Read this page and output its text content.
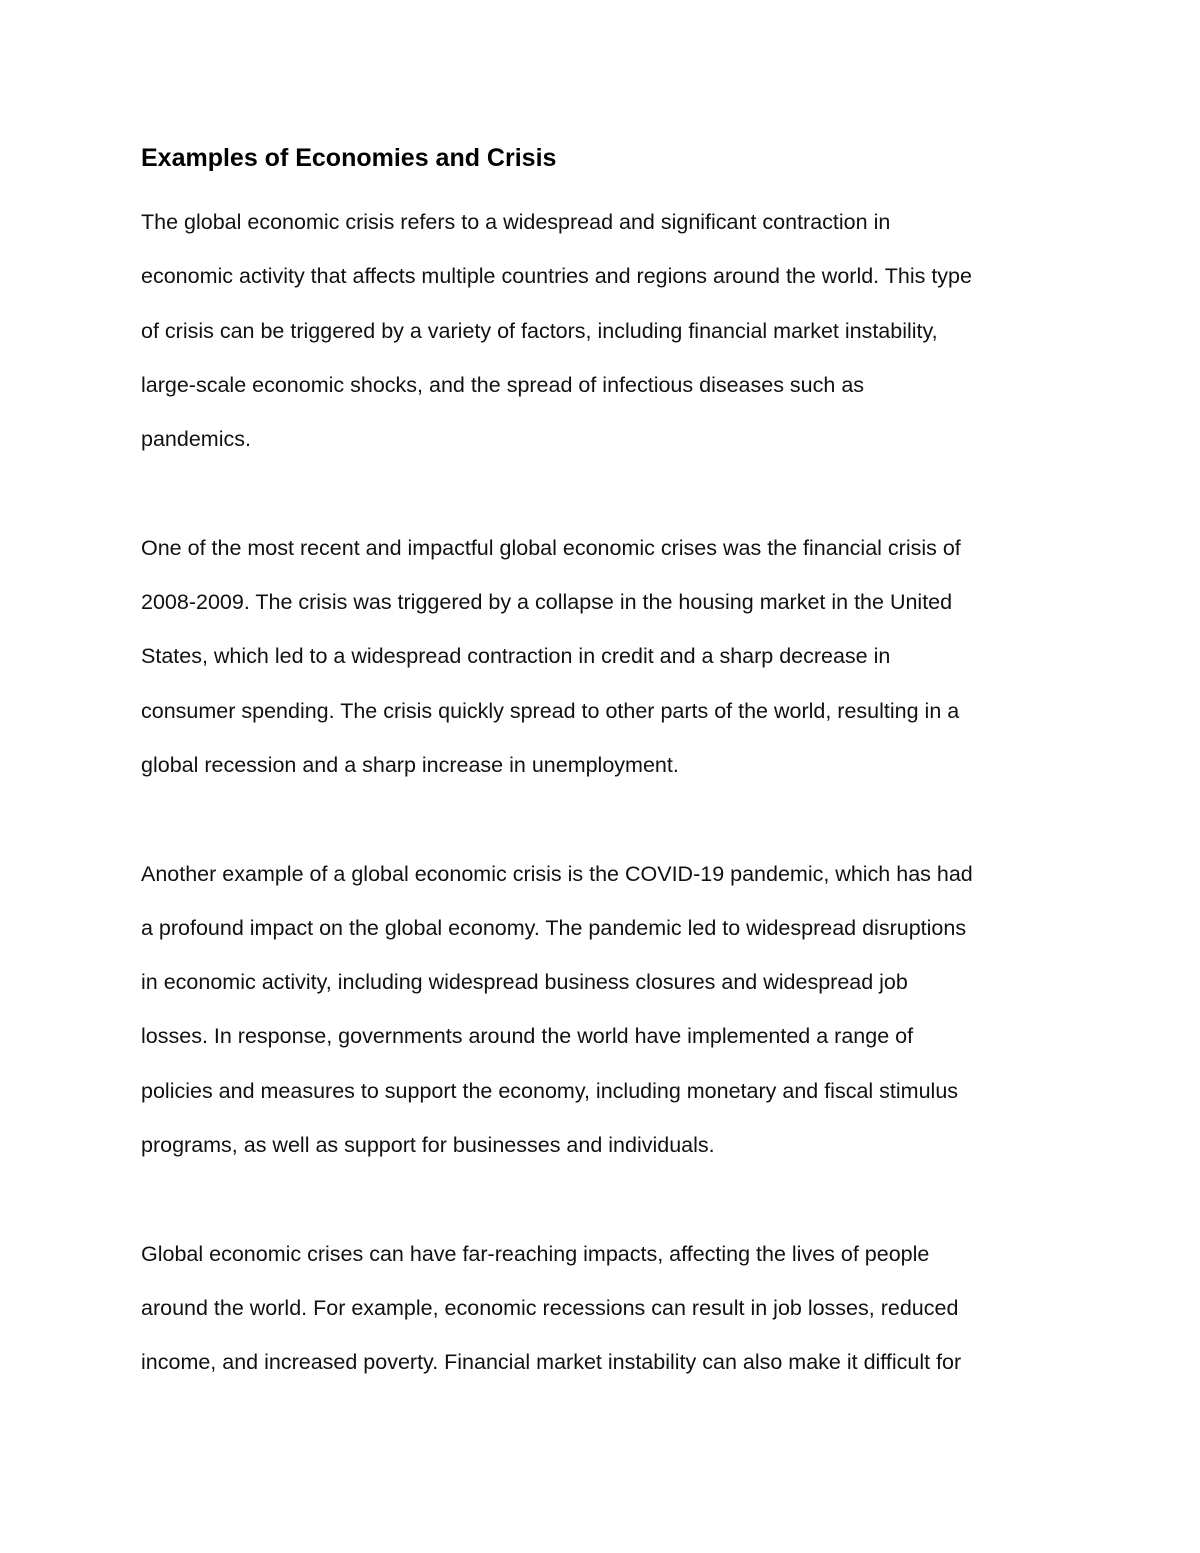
Examples of Economies and Crisis
The global economic crisis refers to a widespread and significant contraction in
economic activity that affects multiple countries and regions around the world. This type
of crisis can be triggered by a variety of factors, including financial market instability,
large-scale economic shocks, and the spread of infectious diseases such as
pandemics.
One of the most recent and impactful global economic crises was the financial crisis of
2008-2009. The crisis was triggered by a collapse in the housing market in the United
States, which led to a widespread contraction in credit and a sharp decrease in
consumer spending. The crisis quickly spread to other parts of the world, resulting in a
global recession and a sharp increase in unemployment.
Another example of a global economic crisis is the COVID-19 pandemic, which has had
a profound impact on the global economy. The pandemic led to widespread disruptions
in economic activity, including widespread business closures and widespread job
losses. In response, governments around the world have implemented a range of
policies and measures to support the economy, including monetary and fiscal stimulus
programs, as well as support for businesses and individuals.
Global economic crises can have far-reaching impacts, affecting the lives of people
around the world. For example, economic recessions can result in job losses, reduced
income, and increased poverty. Financial market instability can also make it difficult for
